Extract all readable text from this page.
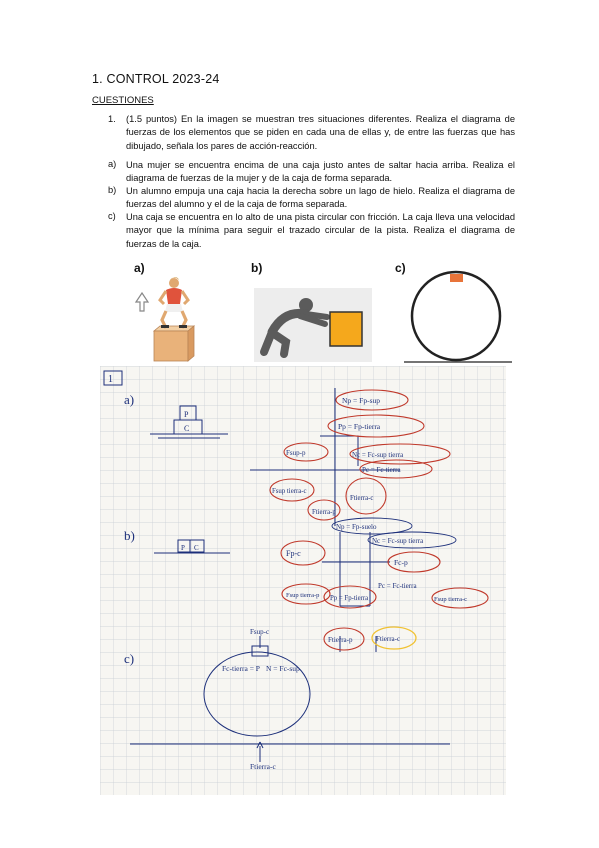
1. CONTROL 2023-24
CUESTIONES
1. (1.5 puntos) En la imagen se muestran tres situaciones diferentes. Realiza el diagrama de fuerzas de los elementos que se piden en cada una de ellas y, de entre las fuerzas que has dibujado, señala los pares de acción-reacción.
a) Una mujer se encuentra encima de una caja justo antes de saltar hacia arriba. Realiza el diagrama de fuerzas de la mujer y de la caja de forma separada.
b) Un alumno empuja una caja hacia la derecha sobre un lago de hielo. Realiza el diagrama de fuerzas del alumno y el de la caja de forma separada.
c) Una caja se encuentra en lo alto de una pista circular con fricción. La caja lleva una velocidad mayor que la mínima para seguir el trazado circular de la pista. Realiza el diagrama de fuerzas de la caja.
a)	b)	c)
1
a)
P
C
Np = Fp-sup
Pp = Fp-tierra
Fsup-p	Nc = Fc-sup tierra
Pc = Fc-tierra
Fsup tierra-c
Ftierra-p
Ftierra-c
b)
P C
Np = Fp-suelo
Nc = Fc-sup tierra
Fp-c
Fc-p
Pc = Fc-tierra
Fsup tierra-p Pp = Fp-tierra	Fsup tierra-c
Ftierra-p	Ftierra-c
c)
Fsup-c
Fc-tierra = P N = Fc-sup
Ftierra-c
